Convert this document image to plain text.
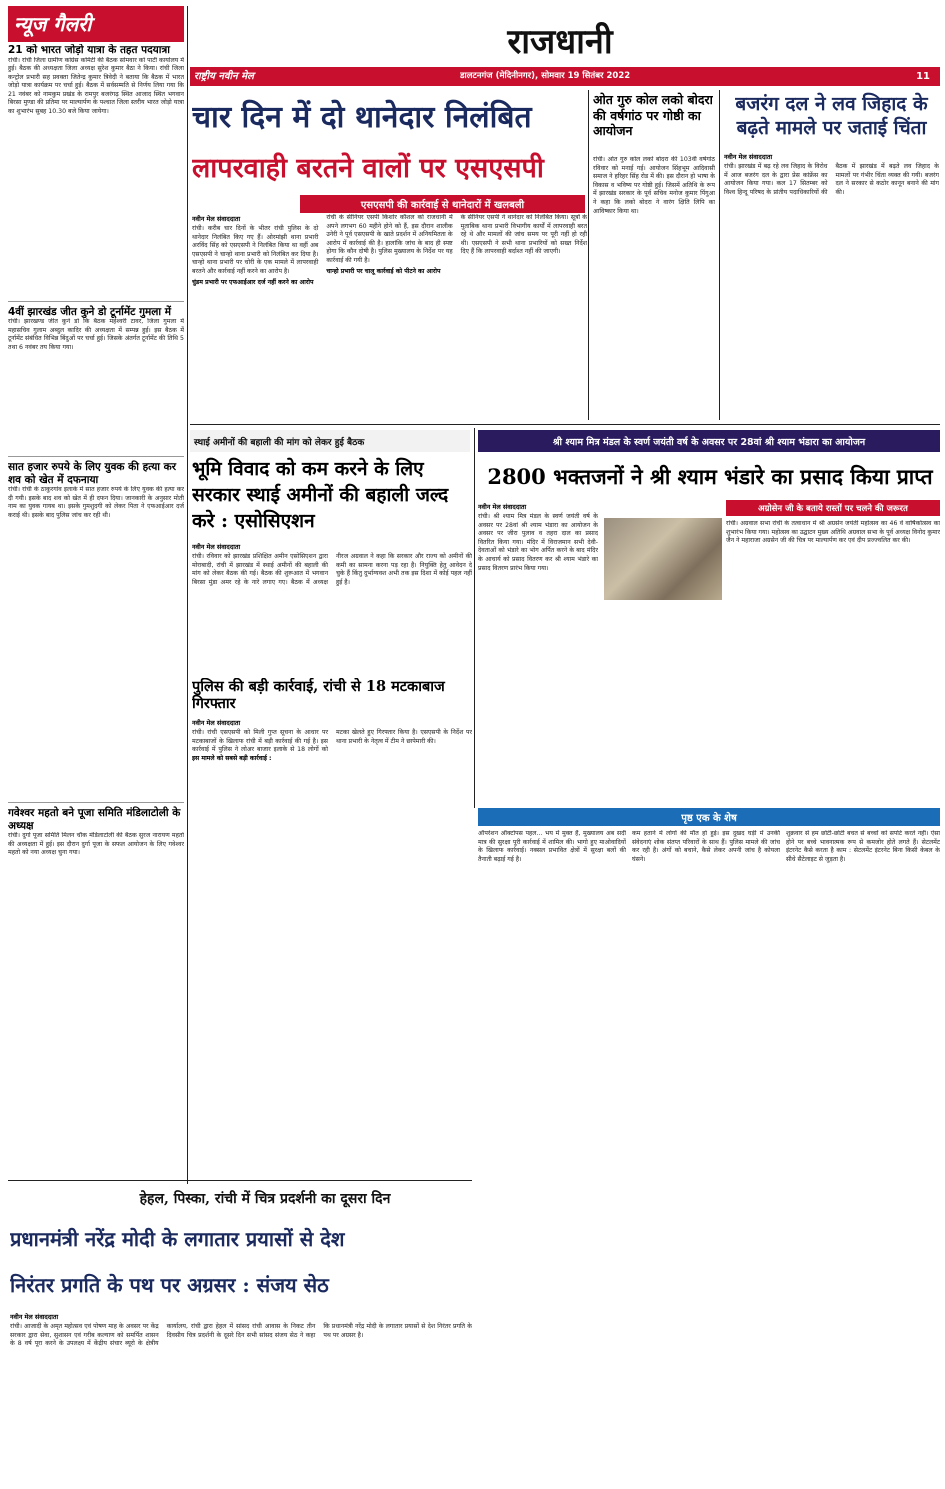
राजधानी
राष्ट्रीय नवीन मेल	डालटनगंज (मेदिनीनगर), सोमवार 19 सितंबर 2022	11
न्यूज गैलरी
21 को भारत जोड़ो यात्रा के तहत पदयात्रा
रांची। रांची जिला ग्रामीण कांग्रेस कमिटी की बैठक सोमवार को पार्टी कार्यालय में हुई। बैठक की अध्यक्षता जिला अध्यक्ष सुरेश कुमार बैठा ने किया। रांची जिला कन्ट्रोल प्रभारी सह प्रवक्ता जितेन्द्र कुमार त्रिवेदी ने बताया कि बैठक में भारत जोड़ो यात्रा कार्यक्रम पर चर्चा हुई। बैठक में सर्वसम्मति से निर्णय लिया गया कि 21 नवंबर को नामकुम प्रखंड के रामपुर बजरंगढ़ स्थित आजाद स्थित भगवान बिरसा मुण्डा की प्रतिमा पर माल्यार्पण के पश्चात जिला स्तरीय भारत जोड़ो यात्रा का शुभारंभ सुबह 10.30 बजे किया जायेगा।
4वीं झारखंड जीत कुने डो टूर्नामेंट गुमला में
रांची। झारखण्ड जीत कुने डो कि बैठक महेश्वरी टावर, जिला गुमला में महासचिव गुलाम अब्दुल कादिर की अध्यक्षता में सम्पन्न हुई। इस बैठक में टूर्नामेंट संबंधित विभिन्न बिंदुओं पर चर्चा हुई। जिसके अंतर्गत टूर्नामेंट की तिथि 5 तथा 6 नवंबर तय किया गया।
सात हजार रुपये के लिए युवक की हत्या कर शव को खेत में दफनाया
रांची। रांची के ठाकुरगांव इलाके में सात हजार रुपये के लिए युवक की हत्या कर दी गयी। इसके बाद शव को खेत में ही दफन दिया। जानकारी के अनुसार मोती नाम का युवक गायब था। इसके गुमशुदगी को लेकर पिता ने एफआईआर दर्ज कराई थी। इसके बाद पुलिस जांच कर रही थी।
गवेश्वर महतो बने पूजा समिति मंडिलाटोली के अध्यक्ष
रांची। दुर्गा पूजा समिति मिलन चौक मंडिलाटोली की बैठक सुरज नारायण महतो की अध्यक्षता में हुई। इस दौरान दुर्गा पूजा के सफल आयोजन के लिए गवेश्वर महतो को नया अध्यक्ष चुना गया।
चार दिन में दो थानेदार निलंबित
लापरवाही बरतने वालों पर एसएसपी
एसएसपी की कार्रवाई से थानेदारों में खलबली
नवीन मेल संवाददाता
रांची। करीब चार दिनों के भीतर रांची पुलिस के दो थानेदार निलंबित किए गए हैं। ओरमांझी थाना प्रभारी अरविंद सिंह को एसएसपी ने निलंबित किया था वहीं अब एसएसपी ने चान्हो थाना प्रभारी को निलंबित कर दिया है। चान्हो थाना प्रभारी पर चोरी के एक मामले में लापरवाही बरतने और कार्रवाई नहीं करने का आरोप है।
चुंडम प्रभारी पर एफआईआर दर्ज नहीं करने का आरोप
रांची के सीनियर एसपी किशोर कौशल को राजधानी में अपने लगभग 60 महीने होने को हैं, इस दौरान शालीक उनेरी ने पूर्व एसएसपी के खाते प्रदर्शन में अनियमितता के आरोप में कार्रवाई की है। हालांकि जांच के बाद ही स्पष्ट होगा कि कौन दोषी है। पुलिस मुख्यालय के निर्देश पर यह कार्रवाई की गयी है।
चान्हो प्रभारी पर चालू कार्रवाई को पीटने का आरोप
के सीनियर एसपी ने थानेदार को निलंबित किया। सूत्रों के मुताबिक थाना प्रभारी विभागीय कार्यों में लापरवाही बरत रहे थे और मामलों की जांच समय पर पूरी नहीं हो रही थी। एसएसपी ने सभी थाना प्रभारियों को सख्त निर्देश दिए हैं कि लापरवाही बर्दाश्त नहीं की जाएगी।
ओत गुरु कोल लको बोदरा की वर्षगांठ पर गोष्ठी का आयोजन
रांची। ओत गुरु कोल लको बोदरा की 103वीं वर्षगांठ रविवार को मनाई गई। आयोजन सिंहभूम आदिवासी समाज ने हरिहर सिंह रोड में की। इस दौरान हो भाषा के विकास व भविष्य पर गोष्ठी हुई। जिसमें अतिथि के रूप में झारखंड सरकार के पूर्व सचिव मनोज कुमार पिंगुआ ने कहा कि लको बोदरा ने वारंग क्षिति लिपि का आविष्कार किया था।
बजरंग दल ने लव जिहाद के बढ़ते मामले पर जताई चिंता
नवीन मेल संवाददाता
रांची। झारखंड में बढ़ रहे लव जिहाद के विरोध में आज बजरंग दल के द्वारा प्रेस कांफ्रेंस का आयोजन किया गया। कल 17 सितम्बर को विश्व हिन्दू परिषद के प्रांतीय पदाधिकारियों की बैठक में झारखंड में बढ़ते लव जिहाद के मामलों पर गंभीर चिंता व्यक्त की गयी। बजरंग दल ने सरकार से कठोर कानून बनाने की मांग की।
स्थाई अमीनों की बहाली की मांग को लेकर हुई बैठक
भूमि विवाद को कम करने के लिए सरकार स्थाई अमीनों की बहाली जल्द करे : एसोसिएशन
नवीन मेल संवाददाता
रांची। रविवार को झारखंड प्रशिक्षित अमीन एसोसिएशन द्वारा मोराबादी, रांची में झारखंड में स्थाई अमीनों की बहाली की मांग को लेकर बैठक की गई। बैठक की शुरूआत में भगवान बिरसा मुंडा अमर रहे के नारे लगाए गए। बैठक में अध्यक्ष नीरज अग्रवाल ने कहा कि सरकार और राज्य को अमीनों की कमी का सामना करना पड़ रहा है। नियुक्ति हेतु आवेदन दे चुके हैं किंतु दुर्भाग्यवश अभी तक इस दिशा में कोई पहल नहीं हुई है।
पुलिस की बड़ी कार्रवाई, रांची से 18 मटकाबाज गिरफ्तार
नवीन मेल संवाददाता
रांची। रांची एसएसपी को मिली गुप्त सूचना के आधार पर मटकाबाजों के खिलाफ रांची में बड़ी कार्रवाई की गई है। इस कार्रवाई में पुलिस ने लोअर बाजार इलाके से 18 लोगों को मटका खेलते हुए गिरफ्तार किया है। एसएसपी के निर्देश पर थाना प्रभारी के नेतृत्व में टीम ने छापेमारी की।
इस मामले को सबसे बड़ी कार्रवाई :
श्री श्याम मित्र मंडल के स्वर्ण जयंती वर्ष के अवसर पर 28वां श्री श्याम भंडारा का आयोजन
2800 भक्तजनों ने श्री श्याम भंडारे का प्रसाद किया प्राप्त
अग्रोसेन जी के बताये रास्तों पर चलने की जरूरत
नवीन मेल संवाददाता
रांची। श्री श्याम मित्र मंडल के स्वर्ण जयंती वर्ष के अवसर पर 28वां श्री श्याम भंडारा का आयोजन के अवसर पर जीरा पुलाव व तहरा दाल का प्रसाद वितरित किया गया। मंदिर में विराजमान सभी देवी-देवताओं को भंडारे का भोग अर्पित करने के बाद मंदिर के आचार्य को प्रसाद वितरण कर श्री श्याम भंडारे का प्रसाद वितरण प्रारंभ किया गया।
रांची। अग्रवाल सभा रांची के तत्वाधान में श्री अग्रसेन जयंती महोत्सव का 46 वें वार्षिकोत्सव का शुभारंभ किया गया। महोत्सव का उद्घाटन मुख्य अतिथि अग्रवाल सभा के पूर्व अध्यक्ष विनोद कुमार जैन ने महाराजा अग्रसेन जी की चित्र पर माल्यार्पण कर एवं दीप प्रज्ज्वलित कर की।
पृष्ठ एक के शेष
ऑपरेशन ऑक्टोपस पहल... भय में मुक्त हैं, मुख्यालय अब सर्दी मात्र की सुरक्षा पूरी कार्रवाई में शामिल की। भागो हुए माओवादियों के खिलाफ कार्रवाई। नक्सल प्रभावित क्षेत्रों में सुरक्षा बलों की तैनाती बढ़ाई गई है।
कम हताने में लोगों की मौत हो हुई। इस दुखद घड़ी में उनकी संवेदनाएं शोक संतप्त परिवारों के साथ हैं। पुलिस मामले की जांच कर रही है। अंगों को बचाने, कैसे लेकर अपनी जांच है कोयला घंसने।
शुक्रवार से हम छोटी-छोटी बचत से बच्चों को सपोर्ट करते नहीं। ऐसा होने पर बच्चे भावनात्मक रूप से कमजोर होते लगते हैं। सेटलमेंट इंटरनेट कैसे करता है काम : सेटलमेंट इंटरनेट बिना किसी केबल के सीधे सैटेलाइट से जुड़ता है।
हेहल, पिस्का, रांची में चित्र प्रदर्शनी का दूसरा दिन
प्रधानमंत्री नरेंद्र मोदी के लगातार प्रयासों से देश
निरंतर प्रगति के पथ पर अग्रसर : संजय सेठ
नवीन मेल संवाददाता
रांची। आजादी के अमृत महोत्सव एवं पोषण माह के अवसर पर केंद्र सरकार द्वारा सेवा, सुशासन एवं गरीब कल्याण को समर्पित शासन के 8 वर्ष पूरा करने के उपलक्ष्य में केंद्रीय संचार ब्यूरो के क्षेत्रीय कार्यालय, रांची द्वारा हेहल में सांसद रांची आवास के निकट तीन दिवसीय चित्र प्रदर्शनी के दूसरे दिन सभी सांसद संजय सेठ ने कहा कि प्रधानमंत्री नरेंद्र मोदी के लगातार प्रयासों से देश निरंतर प्रगति के पथ पर अग्रसर है।
